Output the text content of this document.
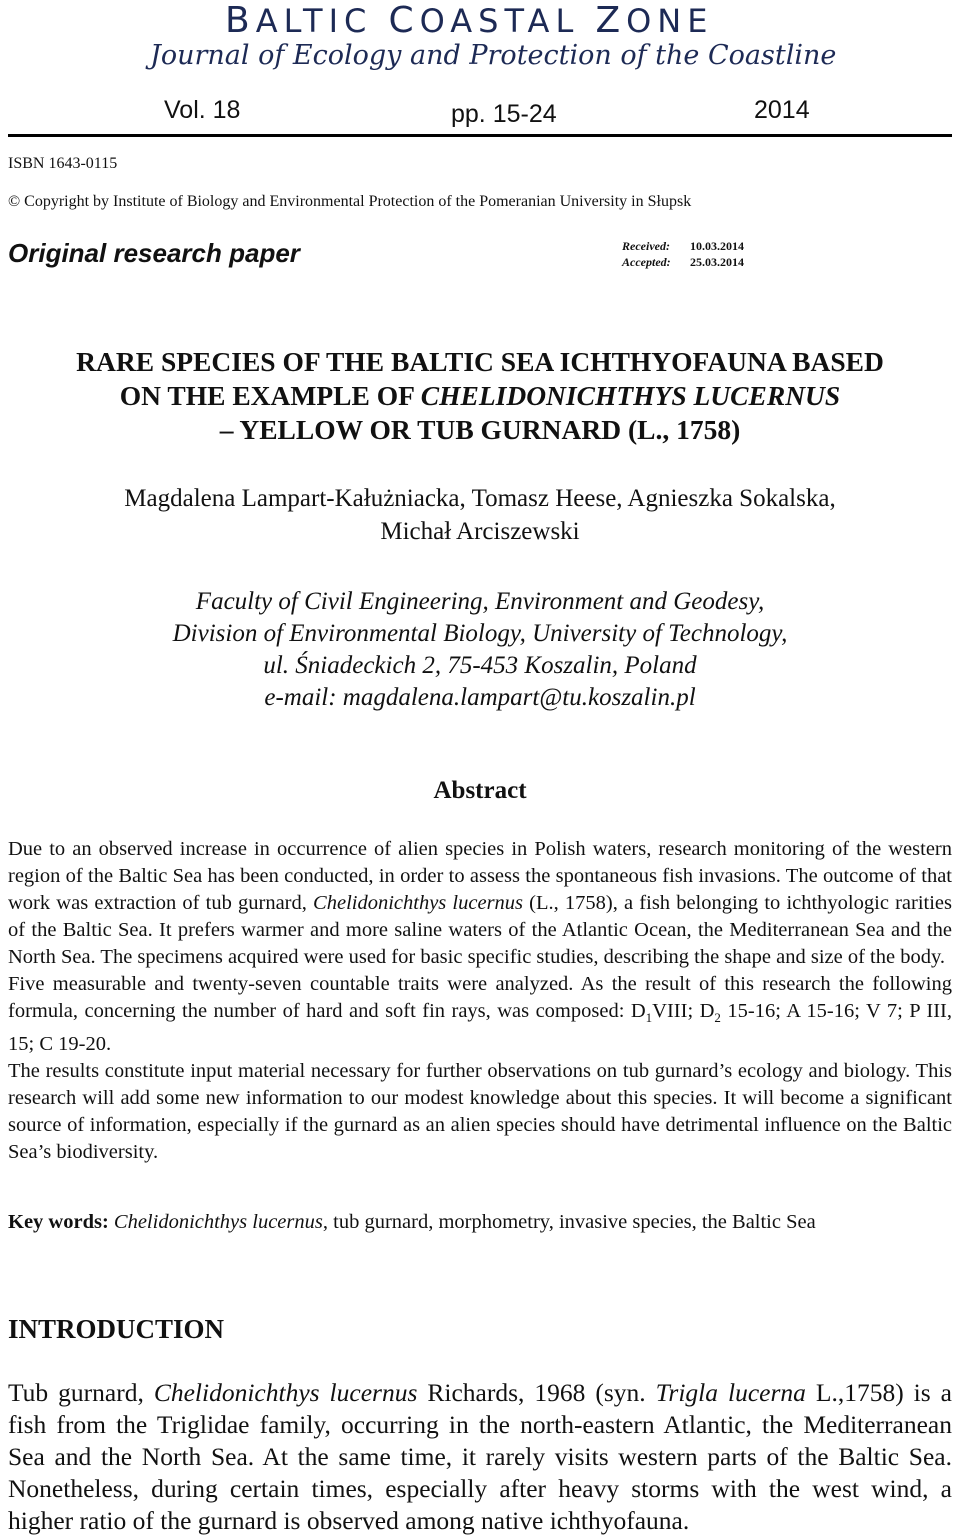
BALTIC COASTAL ZONE
Journal of Ecology and Protection of the Coastline
Vol. 18	pp. 15-24	2014
ISBN 1643-0115
© Copyright by Institute of Biology and Environmental Protection of the Pomeranian University in Słupsk
Original research paper	Received: 10.03.2014
Accepted: 25.03.2014
RARE SPECIES OF THE BALTIC SEA ICHTHYOFAUNA BASED
ON THE EXAMPLE OF CHELIDONICHTHYS LUCERNUS
– YELLOW OR TUB GURNARD (L., 1758)
Magdalena Lampart-Kałużniacka, Tomasz Heese, Agnieszka Sokalska,
Michał Arciszewski
Faculty of Civil Engineering, Environment and Geodesy,
Division of Environmental Biology, University of Technology,
ul. Śniadeckich 2, 75-453 Koszalin, Poland
e-mail: magdalena.lampart@tu.koszalin.pl
Abstract

Due to an observed increase in occurrence of alien species in Polish waters, research monitoring of the western region of the Baltic Sea has been conducted, in order to assess the spontaneous fish invasions. The outcome of that work was extraction of tub gurnard, Chelidonichthys lucernus (L., 1758), a fish belonging to ichthyologic rarities of the Baltic Sea. It prefers warmer and more saline waters of the Atlantic Ocean, the Mediterranean Sea and the North Sea. The specimens acquired were used for basic specific studies, describing the shape and size of the body.

Five measurable and twenty-seven countable traits were analyzed. As the result of this research the following formula, concerning the number of hard and soft fin rays, was composed: $D_1VIII$; $D_2$ 15-16; A 15-16; V 7; P III, 15; C 19-20.

The results constitute input material necessary for further observations on tub gurnard’s ecology and biology. This research will add some new information to our modest knowledge about this species. It will become a significant source of information, especially if the gurnard as an alien species should have detrimental influence on the Baltic Sea’s biodiversity.

Key words: Chelidonichthys lucernus, tub gurnard, morphometry, invasive species, the Baltic Sea
INTRODUCTION
Tub gurnard, Chelidonichthys lucernus Richards, 1968 (syn. Trigla lucerna L.,1758) is a fish from the Triglidae family, occurring in the north-eastern Atlantic, the Mediterranean Sea and the North Sea. At the same time, it rarely visits western parts of the Baltic Sea. Nonetheless, during certain times, especially after heavy storms with the west wind, a higher ratio of the gurnard is observed among native ichthyofauna.
